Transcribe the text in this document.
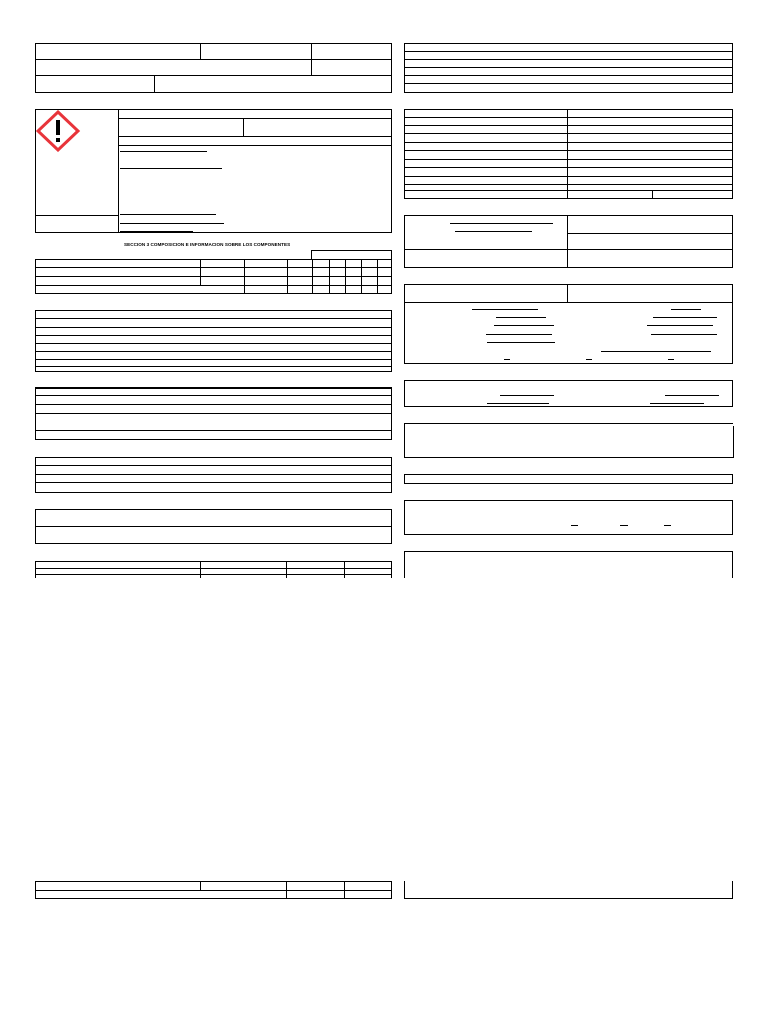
SECCION 3 COMPOSICION E INFORMACION SOBRE LOS COMPONENTES
